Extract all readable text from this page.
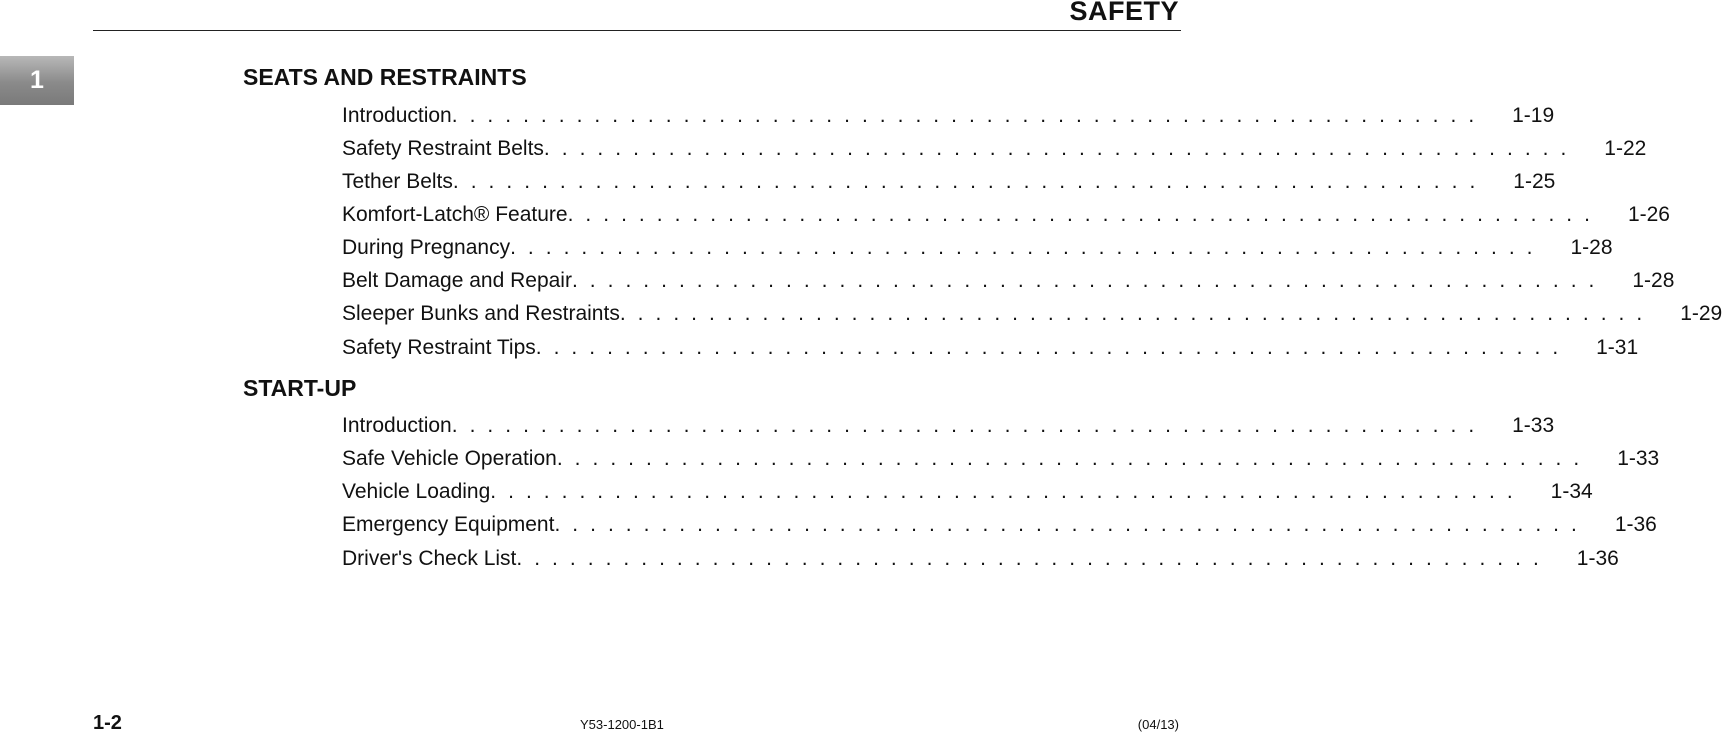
SAFETY
1	SEATS AND RESTRAINTS
Introduction ..........................................................	1-19
Safety Restraint Belts ..........................................................	1-22
Tether Belts ..........................................................	1-25
Komfort-Latch® Feature ..........................................................	1-26
During Pregnancy ..........................................................	1-28
Belt Damage and Repair ..........................................................	1-28
Sleeper Bunks and Restraints ..........................................................	1-29
Safety Restraint Tips ..........................................................	1-31
START-UP
Introduction ..........................................................	1-33
Safe Vehicle Operation ..........................................................	1-33
Vehicle Loading ..........................................................	1-34
Emergency Equipment ..........................................................	1-36
Driver's Check List ..........................................................	1-36
1-2	Y53-1200-1B1	(04/13)
